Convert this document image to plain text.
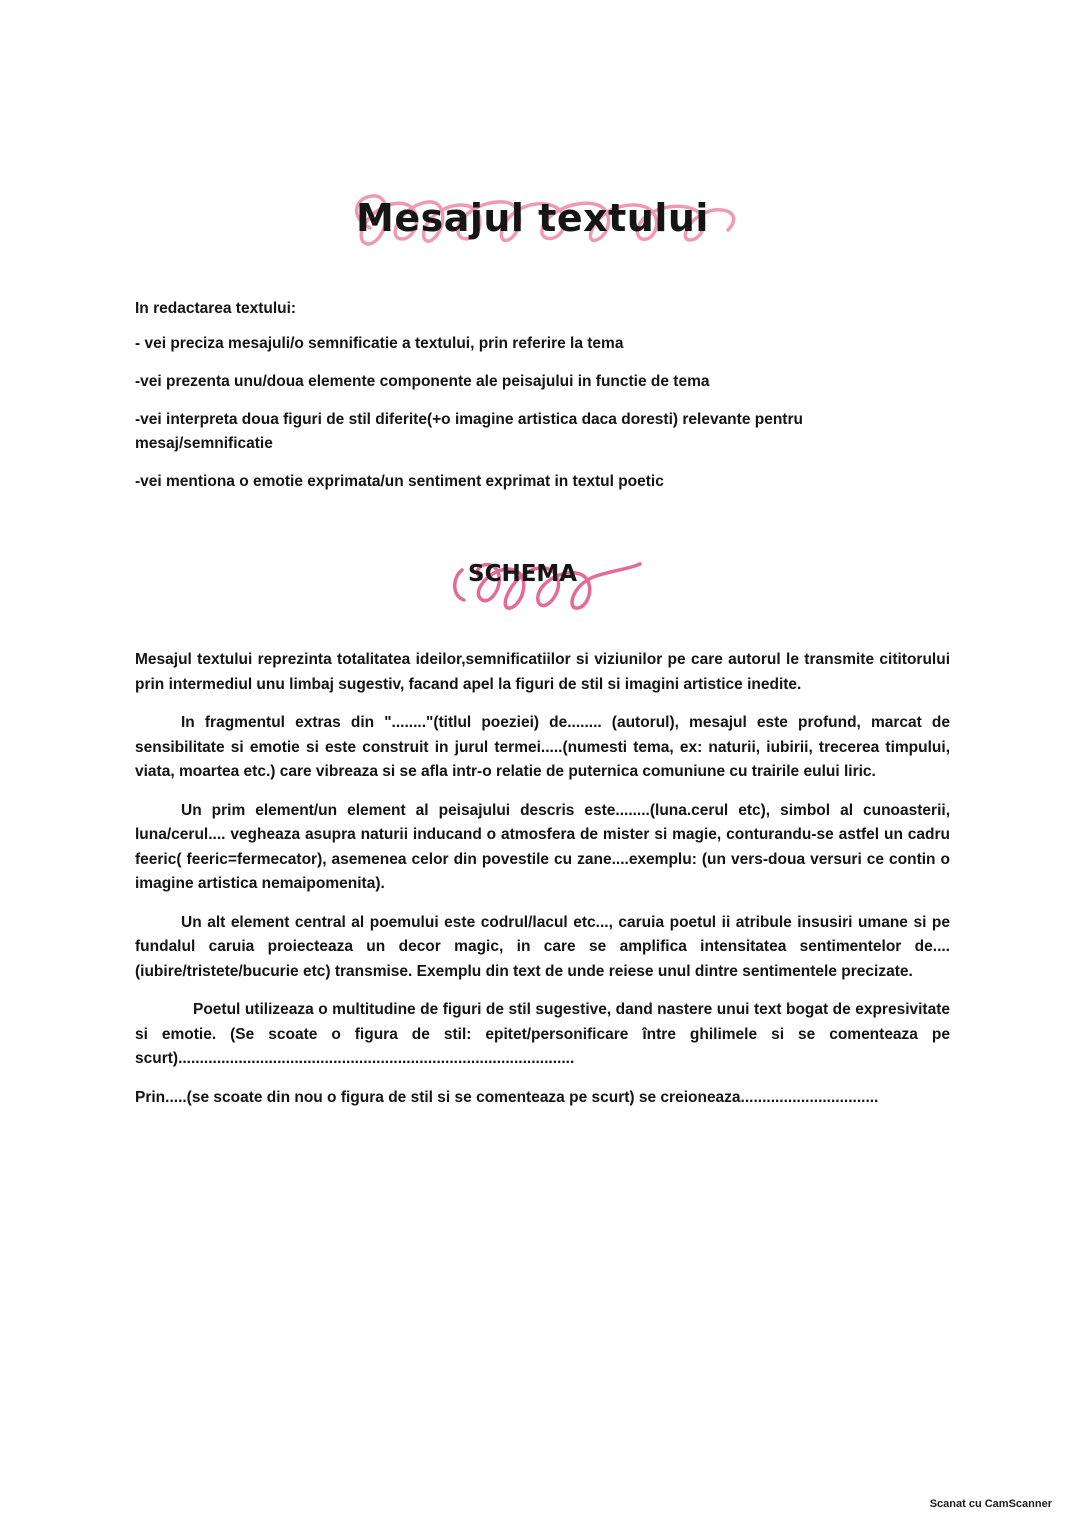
Mesajul textului

In redactarea textului:

- vei preciza mesajuli/o semnificatie a textului, prin referire la tema
-vei prezenta unu/doua elemente componente ale peisajului in functie de tema
-vei interpreta doua figuri de stil diferite(+o imagine artistica daca doresti) relevante pentru mesaj/semnificatie
-vei mentiona o emotie exprimata/un sentiment exprimat in textul poetic
SCHEMA

Mesajul textului reprezinta totalitatea ideilor,semnificatiilor si viziunilor pe care autorul le transmite cititorului prin intermediul unu limbaj sugestiv, facand apel la figuri de stil si imagini artistice inedite.

In fragmentul extras din "........"(titlul poeziei) de........ (autorul), mesajul este profund, marcat de sensibilitate si emotie si este construit in jurul termei.....(numesti tema, ex: naturii, iubirii, trecerea timpului, viata, moartea etc.) care vibreaza si se afla intr-o relatie de puternica comuniune cu trairile eului liric.

Un prim element/un element al peisajului descris este........(luna.cerul etc), simbol al cunoasterii, luna/cerul.... vegheaza asupra naturii inducand o atmosfera de mister si magie, conturandu-se astfel un cadru feeric( feeric=fermecator), asemenea celor din povestile cu zane....exemplu: (un vers-doua versuri ce contin o imagine artistica nemaipomenita).

Un alt element central al poemului este codrul/lacul etc..., caruia poetul ii atribule insusiri umane si pe fundalul caruia proiecteaza un decor magic, in care se amplifica intensitatea sentimentelor de....(iubire/tristete/bucurie etc) transmise. Exemplu din text de unde reiese unul dintre sentimentele precizate.

Poetul utilizeaza o multitudine de figuri de stil sugestive, dand nastere unui text bogat de expresivitate si emotie. (Se scoate o figura de stil: epitet/personificare între ghilimele si se comenteaza pe scurt)............................................................................................

Prin.....(se scoate din nou o figura de stil si se comenteaza pe scurt) se creioneaza................................

Scanat cu CamScanner
